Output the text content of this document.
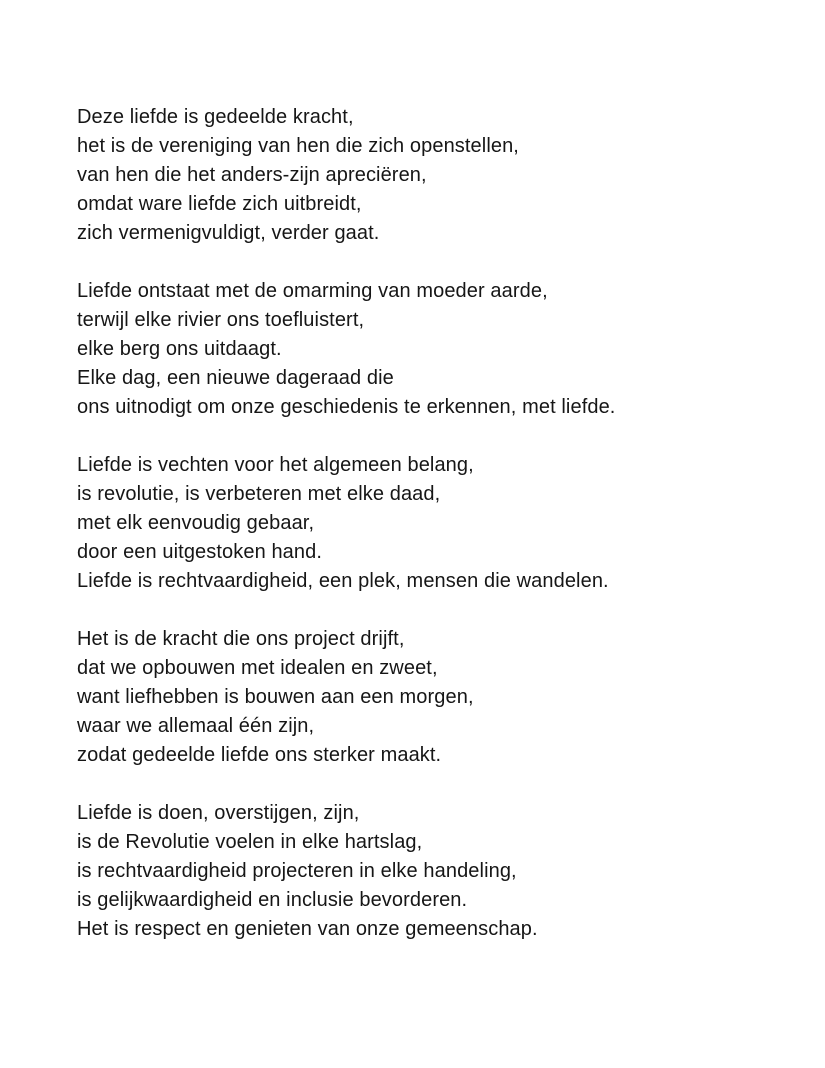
Deze liefde is gedeelde kracht,
het is de vereniging van hen die zich openstellen,
van hen die het anders-zijn apreciëren,
omdat ware liefde zich uitbreidt,
zich vermenigvuldigt, verder gaat.
Liefde ontstaat met de omarming van moeder aarde,
terwijl elke rivier ons toefluistert,
elke berg ons uitdaagt.
Elke dag, een nieuwe dageraad die
ons uitnodigt om onze geschiedenis te erkennen, met liefde.
Liefde is vechten voor het algemeen belang,
is revolutie, is verbeteren met elke daad,
met elk eenvoudig gebaar,
door een uitgestoken hand.
Liefde is rechtvaardigheid, een plek, mensen die wandelen.
Het is de kracht die ons project drijft,
dat we opbouwen met idealen en zweet,
want liefhebben is bouwen aan een morgen,
waar we allemaal één zijn,
zodat gedeelde liefde ons sterker maakt.
Liefde is doen, overstijgen, zijn,
is de Revolutie voelen in elke hartslag,
is rechtvaardigheid projecteren in elke handeling,
is gelijkwaardigheid en inclusie bevorderen.
Het is respect en genieten van onze gemeenschap.
